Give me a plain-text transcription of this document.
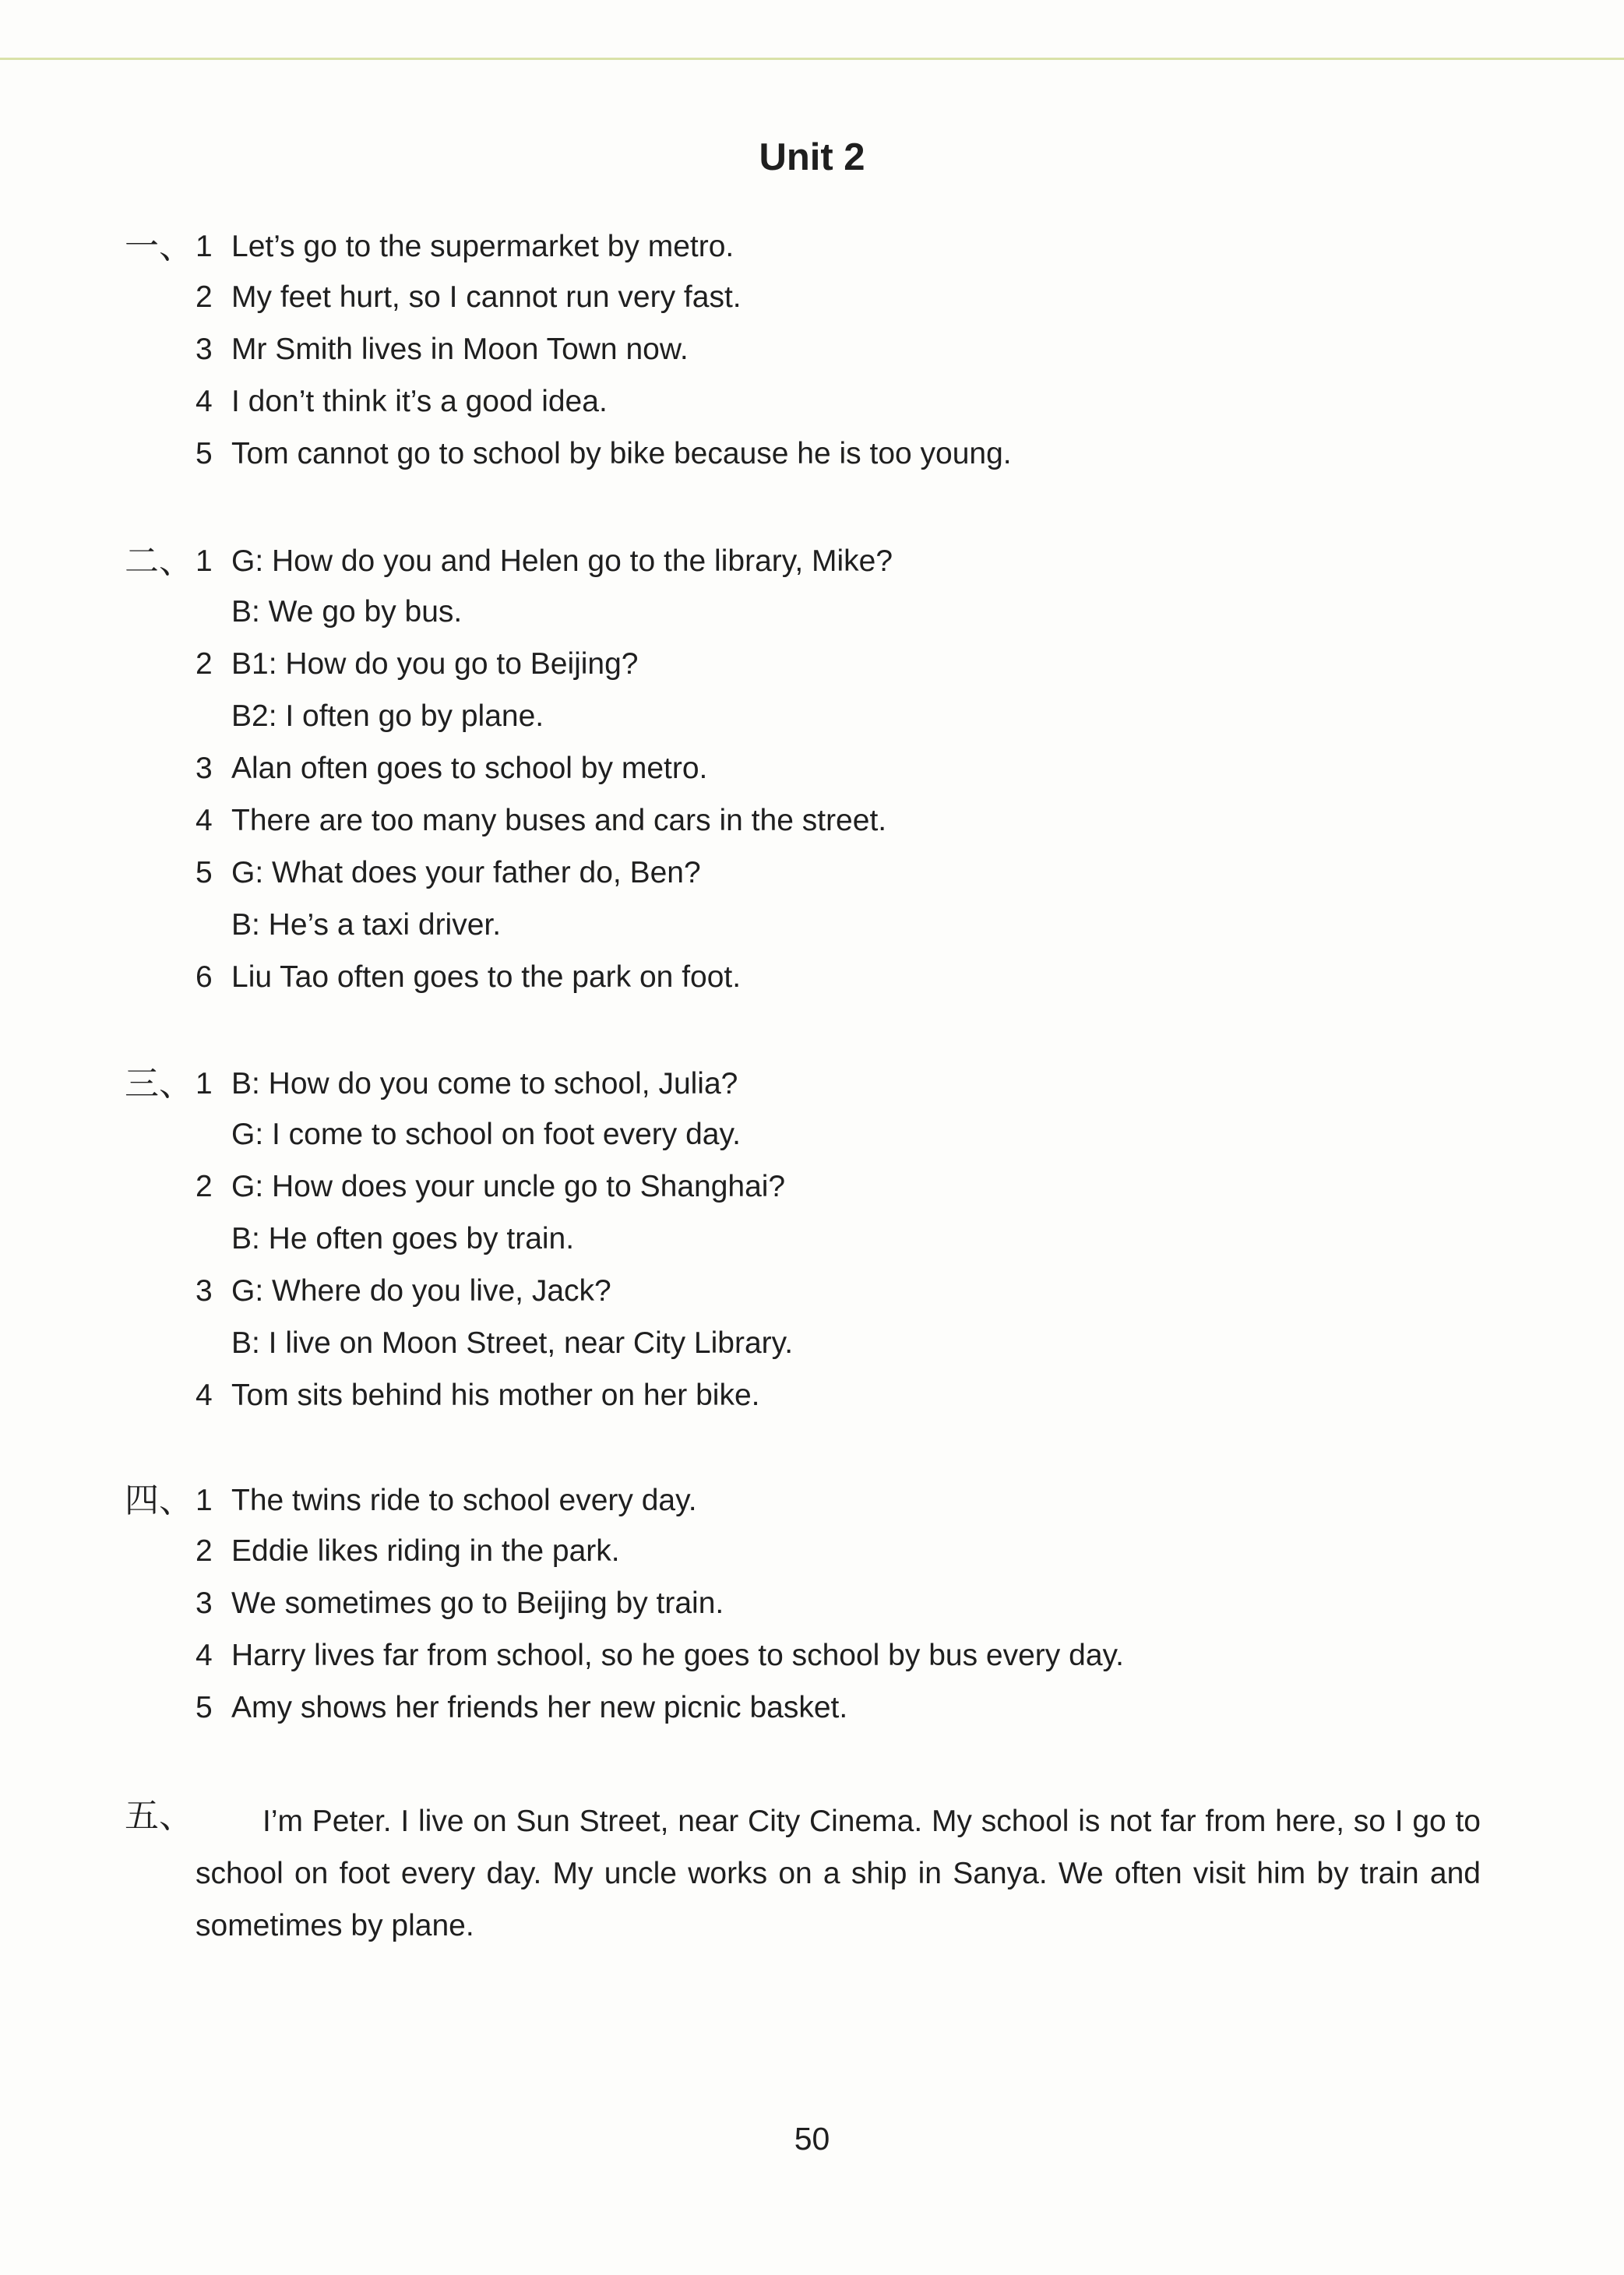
Unit 2
一、 1 Let’s go to the supermarket by metro.
2 My feet hurt, so I cannot run very fast.
3 Mr Smith lives in Moon Town now.
4 I don’t think it’s a good idea.
5 Tom cannot go to school by bike because he is too young.
二、 1 G: How do you and Helen go to the library, Mike?
B: We go by bus.
2 B1: How do you go to Beijing?
B2: I often go by plane.
3 Alan often goes to school by metro.
4 There are too many buses and cars in the street.
5 G: What does your father do, Ben?
B: He’s a taxi driver.
6 Liu Tao often goes to the park on foot.
三、 1 B: How do you come to school, Julia?
G: I come to school on foot every day.
2 G: How does your uncle go to Shanghai?
B: He often goes by train.
3 G: Where do you live, Jack?
B: I live on Moon Street, near City Library.
4 Tom sits behind his mother on her bike.
四、 1 The twins ride to school every day.
2 Eddie likes riding in the park.
3 We sometimes go to Beijing by train.
4 Harry lives far from school, so he goes to school by bus every day.
5 Amy shows her friends her new picnic basket.
五、	I’m Peter. I live on Sun Street, near City Cinema. My school is not far from here, so I go to school on foot every day. My uncle works on a ship in Sanya. We often visit him by train and sometimes by plane.
50
